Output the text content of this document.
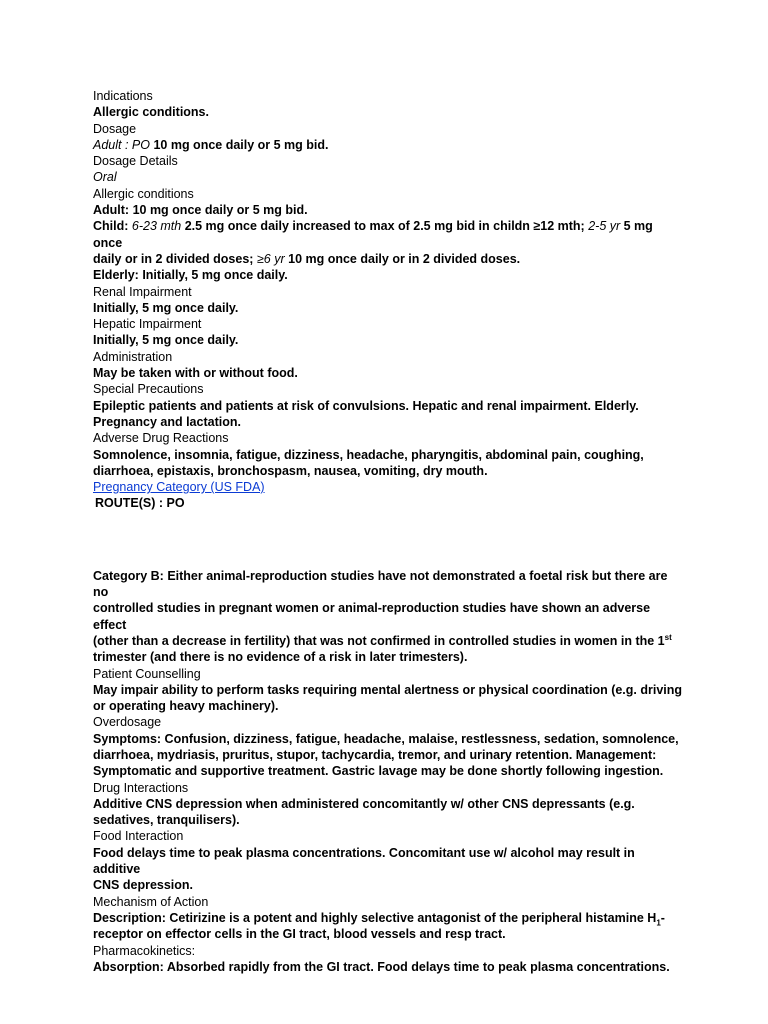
Indications

Allergic conditions.

Dosage

Adult : PO 10 mg once daily or 5 mg bid.

Dosage Details

Oral

Allergic conditions

Adult: 10 mg once daily or 5 mg bid.

Child: 6-23 mth 2.5 mg once daily increased to max of 2.5 mg bid in childn ≥12 mth; 2-5 yr 5 mg once

daily or in 2 divided doses; ≥6 yr 10 mg once daily or in 2 divided doses.

Elderly: Initially, 5 mg once daily.

Renal Impairment

Initially, 5 mg once daily.

Hepatic Impairment

Initially, 5 mg once daily.

Administration

May be taken with or without food.

Special Precautions

Epileptic patients and patients at risk of convulsions. Hepatic and renal impairment. Elderly.

Pregnancy and lactation.

Adverse Drug Reactions

Somnolence, insomnia, fatigue, dizziness, headache, pharyngitis, abdominal pain, coughing,

diarrhoea, epistaxis, bronchospasm, nausea, vomiting, dry mouth.

Pregnancy Category (US FDA)

ROUTE(S) : PO

Category B: Either animal-reproduction studies have not demonstrated a foetal risk but there are no

controlled studies in pregnant women or animal-reproduction studies have shown an adverse effect

(other than a decrease in fertility) that was not confirmed in controlled studies in women in the 1st

trimester (and there is no evidence of a risk in later trimesters).

Patient Counselling

May impair ability to perform tasks requiring mental alertness or physical coordination (e.g. driving

or operating heavy machinery).

Overdosage

Symptoms: Confusion, dizziness, fatigue, headache, malaise, restlessness, sedation, somnolence,

diarrhoea, mydriasis, pruritus, stupor, tachycardia, tremor, and urinary retention. Management:

Symptomatic and supportive treatment. Gastric lavage may be done shortly following ingestion.

Drug Interactions

Additive CNS depression when administered concomitantly w/ other CNS depressants (e.g.

sedatives, tranquilisers).

Food Interaction

Food delays time to peak plasma concentrations. Concomitant use w/ alcohol may result in additive

CNS depression.

Mechanism of Action

Description: Cetirizine is a potent and highly selective antagonist of the peripheral histamine $H_1-$

receptor on effector cells in the GI tract, blood vessels and resp tract.

Pharmacokinetics:

Absorption: Absorbed rapidly from the GI tract. Food delays time to peak plasma concentrations.
